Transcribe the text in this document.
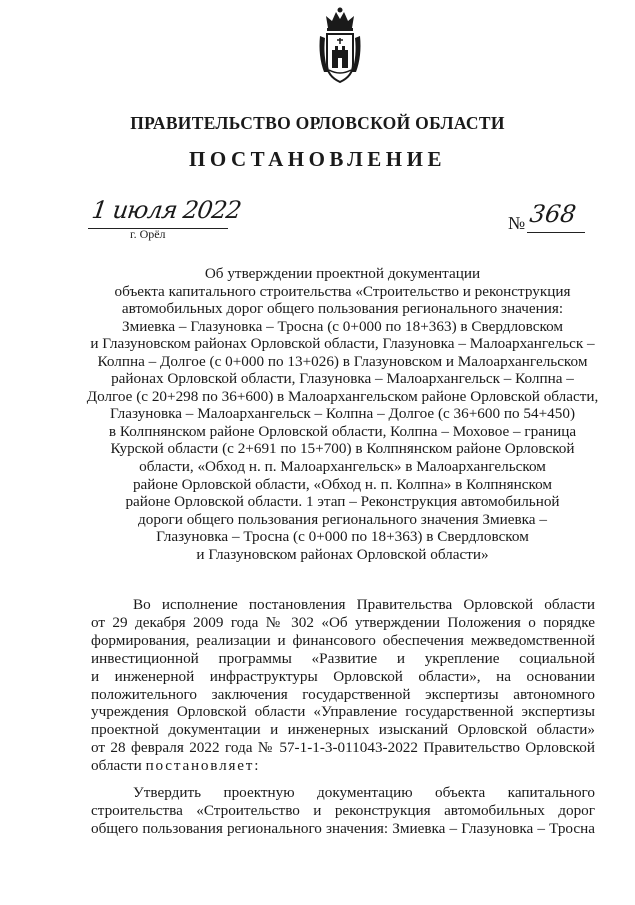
ПРАВИТЕЛЬСТВО ОРЛОВСКОЙ ОБЛАСТИ
ПОСТАНОВЛЕНИЕ
1 июля 2022
г. Орёл
№ 368
Об утверждении проектной документации
объекта капитального строительства «Строительство и реконструкция
автомобильных дорог общего пользования регионального значения:
Змиевка – Глазуновка – Тросна (с 0+000 по 18+363) в Свердловском
и Глазуновском районах Орловской области, Глазуновка – Малоархангельск –
Колпна – Долгое (с 0+000 по 13+026) в Глазуновском и Малоархангельском
районах Орловской области, Глазуновка – Малоархангельск – Колпна –
Долгое (с 20+298 по 36+600) в Малоархангельском районе Орловской области,
Глазуновка – Малоархангельск – Колпна – Долгое (с 36+600 по 54+450)
в Колпнянском районе Орловской области, Колпна – Моховое – граница
Курской области (с 2+691 по 15+700) в Колпнянском районе Орловской
области, «Обход н. п. Малоархангельск» в Малоархангельском
районе Орловской области, «Обход н. п. Колпна» в Колпнянском
районе Орловской области. 1 этап – Реконструкция автомобильной
дороги общего пользования регионального значения Змиевка –
Глазуновка – Тросна (с 0+000 по 18+363) в Свердловском
и Глазуновском районах Орловской области»
Во исполнение постановления Правительства Орловской области
от 29 декабря 2009 года № 302 «Об утверждении Положения о порядке
формирования, реализации и финансового обеспечения межведомственной
инвестиционной программы «Развитие и укрепление социальной
и инженерной инфраструктуры Орловской области», на основании
положительного заключения государственной экспертизы автономного
учреждения Орловской области «Управление государственной экспертизы
проектной документации и инженерных изысканий Орловской области»
от 28 февраля 2022 года № 57-1-1-3-011043-2022 Правительство Орловской
области постановляет:
Утвердить проектную документацию объекта капитального
строительства «Строительство и реконструкция автомобильных дорог
общего пользования регионального значения: Змиевка – Глазуновка – Тросна
